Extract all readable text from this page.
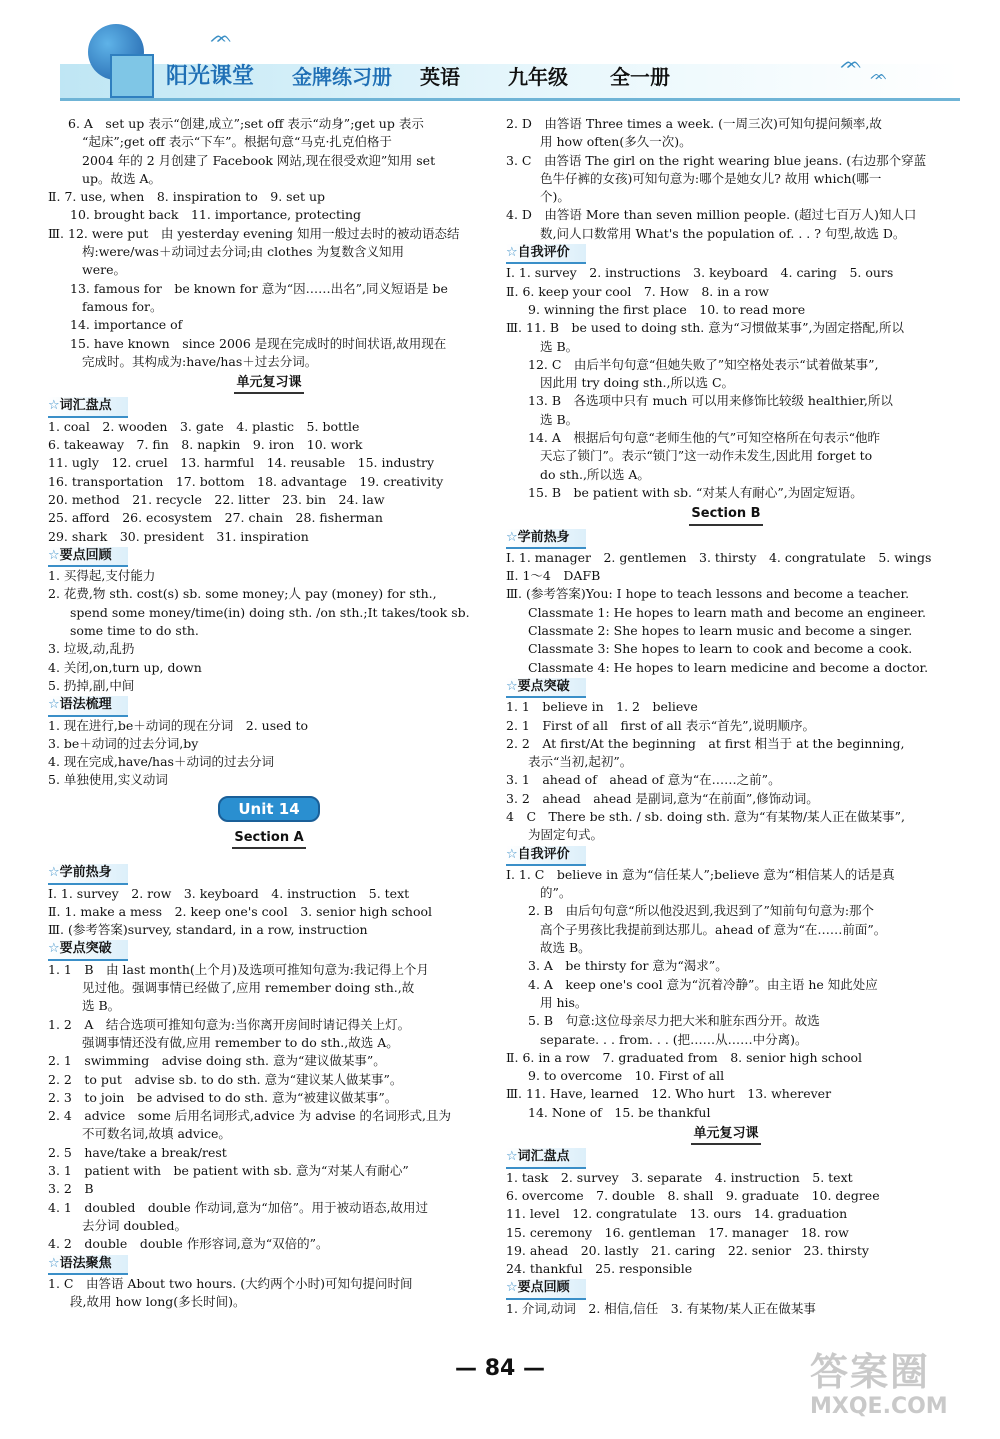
ᨏ
ᨏ
ᨏ
阳光课堂 金牌练习册 英语 九年级 全一册

6. A　set up 表示“创建,成立”;set off 表示“动身”;get up 表示

“起床”;get off 表示“下车”。根据句意“马克·扎克伯格于

2004 年的 2 月创建了 Facebook 网站,现在很受欢迎”知用 set

up。故选 A。

Ⅱ. 7. use, when　8. inspiration to　9. set up

10. brought back　11. importance, protecting

Ⅲ. 12. were put　由 yesterday evening 知用一般过去时的被动语态结

构:were/was＋动词过去分词;由 clothes 为复数含义知用

were。

13. famous for　be known for 意为“因……出名”,同义短语是 be

famous for。

14. importance of

15. have known　since 2006 是现在完成时的时间状语,故用现在

完成时。其构成为:have/has＋过去分词。

单元复习课
☆词汇盘点

1. coal　2. wooden　3. gate　4. plastic　5. bottle

6. takeaway　7. fin　8. napkin　9. iron　10. work

11. ugly　12. cruel　13. harmful　14. reusable　15. industry

16. transportation　17. bottom　18. advantage　19. creativity

20. method　21. recycle　22. litter　23. bin　24. law

25. afford　26. ecosystem　27. chain　28. fisherman

29. shark　30. president　31. inspiration

☆要点回顾

1. 买得起,支付能力

2. 花费,物 sth. cost(s) sb. some money;人 pay (money) for sth.,

spend some money/time(in) doing sth. /on sth.;It takes/took sb.

some time to do sth.

3. 垃圾,动,乱扔

4. 关闭,on,turn up, down

5. 扔掉,副,中间

☆语法梳理

1. 现在进行,be＋动词的现在分词　2. used to

3. be＋动词的过去分词,by

4. 现在完成,have/has＋动词的过去分词

5. 单独使用,实义动词

Unit 14
Section A
☆学前热身

Ⅰ. 1. survey　2. row　3. keyboard　4. instruction　5. text

Ⅱ. 1. make a mess　2. keep one's cool　3. senior high school

Ⅲ. (参考答案)survey, standard, in a row, instruction

☆要点突破

1. 1　B　由 last month(上个月)及选项可推知句意为:我记得上个月

见过他。强调事情已经做了,应用 remember doing sth.,故

选 B。

1. 2　A　结合选项可推知句意为:当你离开房间时请记得关上灯。

强调事情还没有做,应用 remember to do sth.,故选 A。

2. 1　swimming　advise doing sth. 意为“建议做某事”。

2. 2　to put　advise sb. to do sth. 意为“建议某人做某事”。

2. 3　to join　be advised to do sth. 意为“被建议做某事”。

2. 4　advice　some 后用名词形式,advice 为 advise 的名词形式,且为

不可数名词,故填 advice。

2. 5　have/take a break/rest

3. 1　patient with　be patient with sb. 意为“对某人有耐心”

3. 2　B

4. 1　doubled　double 作动词,意为“加倍”。用于被动语态,故用过

去分词 doubled。

4. 2　double　double 作形容词,意为“双倍的”。

☆语法聚焦

1. C　由答语 About two hours. (大约两个小时)可知句提问时间

段,故用 how long(多长时间)。

2. D　由答语 Three times a week. (一周三次)可知句提问频率,故

用 how often(多久一次)。

3. C　由答语 The girl on the right wearing blue jeans. (右边那个穿蓝

色牛仔裤的女孩)可知句意为:哪个是她女儿? 故用 which(哪一

个)。

4. D　由答语 More than seven million people. (超过七百万人)知人口

数,问人口数常用 What's the population of. . . ? 句型,故选 D。

☆自我评价

Ⅰ. 1. survey　2. instructions　3. keyboard　4. caring　5. ours

Ⅱ. 6. keep your cool　7. How　8. in a row

9. winning the first place　10. to read more

Ⅲ. 11. B　be used to doing sth. 意为“习惯做某事”,为固定搭配,所以

选 B。

12. C　由后半句句意“但她失败了”知空格处表示“试着做某事”,

因此用 try doing sth.,所以选 C。

13. B　各选项中只有 much 可以用来修饰比较级 healthier,所以

选 B。

14. A　根据后句句意“老师生他的气”可知空格所在句表示“他昨

天忘了锁门”。表示“锁门”这一动作未发生,因此用 forget to

do sth.,所以选 A。

15. B　be patient with sb. “对某人有耐心”,为固定短语。

Section B
☆学前热身

Ⅰ. 1. manager　2. gentlemen　3. thirsty　4. congratulate　5. wings

Ⅱ. 1～4　DAFB

Ⅲ. (参考答案)You: I hope to teach lessons and become a teacher.

Classmate 1: He hopes to learn math and become an engineer.

Classmate 2: She hopes to learn music and become a singer.

Classmate 3: She hopes to learn to cook and become a cook.

Classmate 4: He hopes to learn medicine and become a doctor.

☆要点突破

1. 1　believe in　1. 2　believe

2. 1　First of all　first of all 表示“首先”,说明顺序。

2. 2　At first/At the beginning　at first 相当于 at the beginning,

表示“当初,起初”。

3. 1　ahead of　ahead of 意为“在……之前”。

3. 2　ahead　ahead 是副词,意为“在前面”,修饰动词。

4　C　There be sth. / sb. doing sth. 意为“有某物/某人正在做某事”,

为固定句式。

☆自我评价

Ⅰ. 1. C　believe in 意为“信任某人”;believe 意为“相信某人的话是真

的”。

2. B　由后句句意“所以他没迟到,我迟到了”知前句句意为:那个

高个子男孩比我提前到达那儿。ahead of 意为“在……前面”。

故选 B。

3. A　be thirsty for 意为“渴求”。

4. A　keep one's cool 意为“沉着冷静”。由主语 he 知此处应

用 his。

5. B　句意:这位母亲尽力把大米和脏东西分开。故选

separate. . . from. . . (把……从……中分离)。

Ⅱ. 6. in a row　7. graduated from　8. senior high school

9. to overcome　10. First of all

Ⅲ. 11. Have, learned　12. Who hurt　13. wherever

14. None of　15. be thankful

单元复习课
☆词汇盘点

1. task　2. survey　3. separate　4. instruction　5. text

6. overcome　7. double　8. shall　9. graduate　10. degree

11. level　12. congratulate　13. ours　14. graduation

15. ceremony　16. gentleman　17. manager　18. row

19. ahead　20. lastly　21. caring　22. senior　23. thirsty

24. thankful　25. responsible

☆要点回顾

1. 介词,动词　2. 相信,信任　3. 有某物/某人正在做某事

— 84 —	答案圈
MXQE.COM
